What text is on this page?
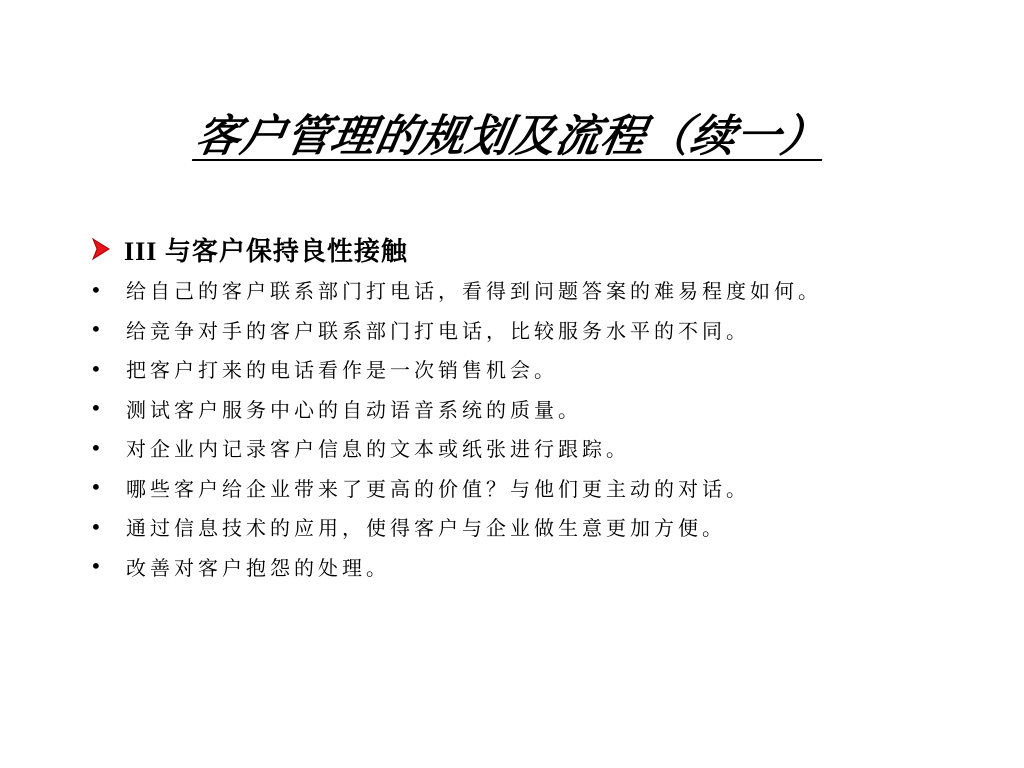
客户管理的规划及流程（续一）
III 与客户保持良性接触
•	给自己的客户联系部门打电话，看得到问题答案的难易程度如何。
•	给竞争对手的客户联系部门打电话，比较服务水平的不同。
•	把客户打来的电话看作是一次销售机会。
•	测试客户服务中心的自动语音系统的质量。
•	对企业内记录客户信息的文本或纸张进行跟踪。
•	哪些客户给企业带来了更高的价值？与他们更主动的对话。
•	通过信息技术的应用，使得客户与企业做生意更加方便。
•	改善对客户抱怨的处理。
